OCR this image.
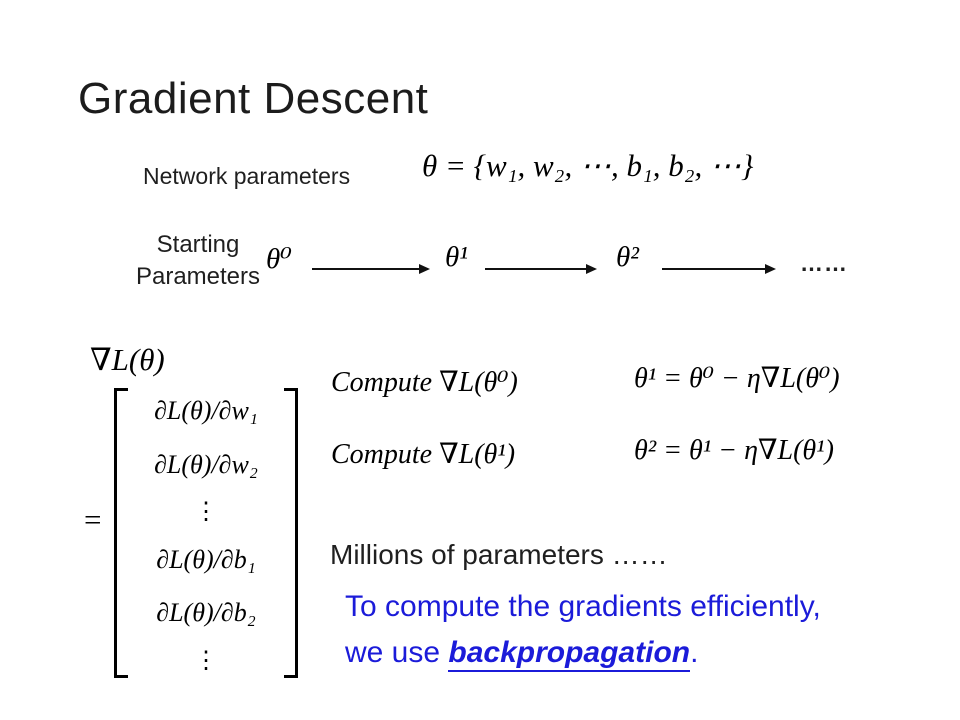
Gradient Descent
Network parameters θ = {w₁, w₂, ⋯, b₁, b₂, ⋯}
Starting
Parameters
θ⁰	θ¹	θ²	……
∇L(θ)
=
∂L(θ)/∂w₁
∂L(θ)/∂w₂
⋮
∂L(θ)/∂b₁
∂L(θ)/∂b₂
⋮
Compute ∇L(θ⁰)	θ¹ = θ⁰ − η∇L(θ⁰)
Compute ∇L(θ¹)	θ² = θ¹ − η∇L(θ¹)
Millions of parameters ……
To compute the gradients efficiently,
we use backpropagation.
